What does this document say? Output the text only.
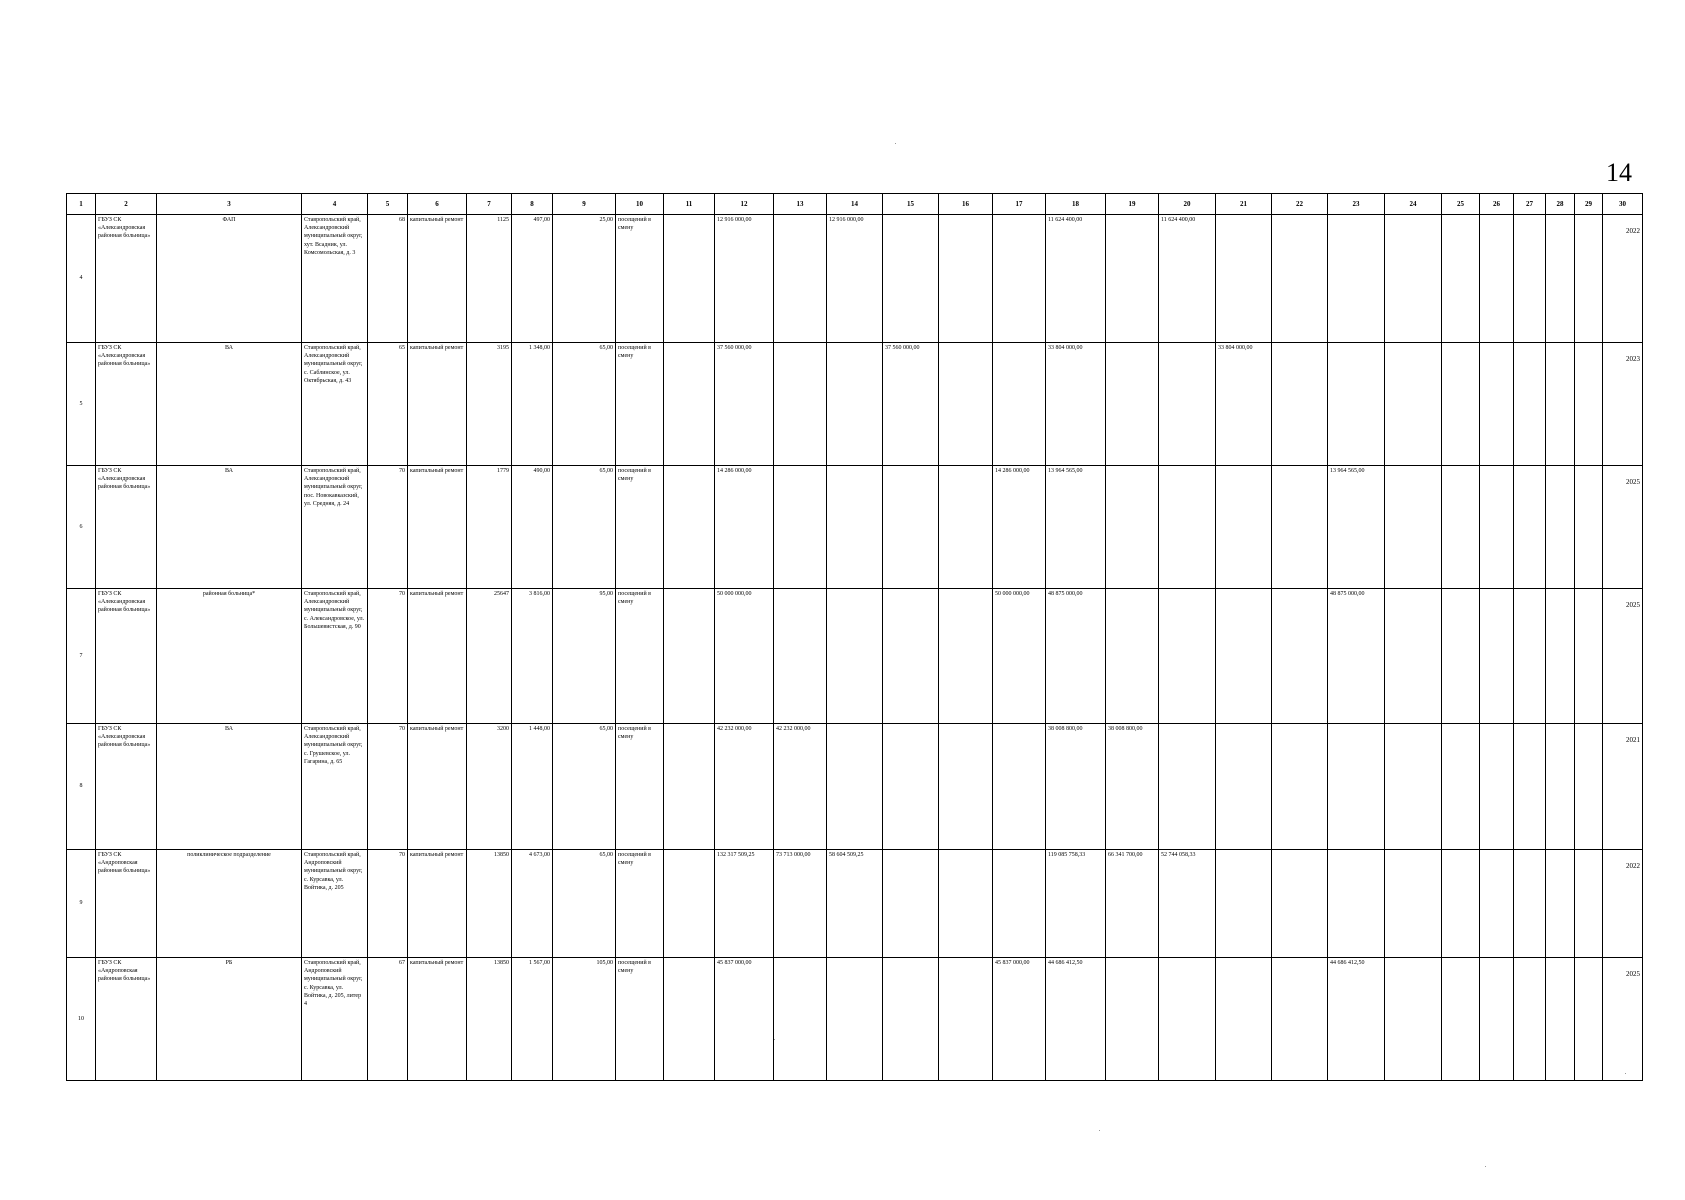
14
1	2	3	4	5	6	7	8	9	10	11	12	13	14	15	16	17	18	19	20	21	22	23	24	25	26	27	28	29	30
4	ГБУЗ СК «Александровская районная больница»	ФАП	Ставропольский край, Александровский муниципальный округ, хут. Всадник, ул. Комсомольская, д. 3	68	капитальный ремонт	1125	497,00	25,00	посещений в смену		12 916 000,00		12 916 000,00				11 624 400,00		11 624 400,00										2022
5	ГБУЗ СК «Александровская районная больница»	ВА	Ставропольский край, Александровский муниципальный округ, с. Саблинское, ул. Октябрьская, д. 43	65	капитальный ремонт	3195	1 348,00	65,00	посещений в смену		37 560 000,00			37 560 000,00			33 804 000,00			33 804 000,00									2023
6	ГБУЗ СК «Александровская районная больница»	ВА	Ставропольский край, Александровский муниципальный округ, пос. Новокавказский, ул. Средняя, д. 24	70	капитальный ремонт	1779	490,00	65,00	посещений в смену		14 286 000,00					14 286 000,00	13 964 565,00					13 964 565,00							2025
7	ГБУЗ СК «Александровская районная больница»	районная больница*	Ставропольский край, Александровский муниципальный округ, с. Александровское, ул. Большевистская, д. 90	70	капитальный ремонт	25647	3 816,00	95,00	посещений в смену		50 000 000,00					50 000 000,00	48 875 000,00					48 875 000,00							2025
8	ГБУЗ СК «Александровская районная больница»	ВА	Ставропольский край, Александровский муниципальный округ, с. Грушевское, ул. Гагарина, д. 65	70	капитальный ремонт	3200	1 448,00	65,00	посещений в смену		42 232 000,00	42 232 000,00					38 008 800,00	38 008 800,00											2021
9	ГБУЗ СК «Андроповская районная больница»	поликлиническое подразделение	Ставропольский край, Андроповский муниципальный округ, с. Курсавка, ул. Войтика, д. 205	70	капитальный ремонт	13850	4 673,00	65,00	посещений в смену		132 317 509,25	73 713 000,00	58 604 509,25				119 085 758,33	66 341 700,00	52 744 058,33										2022
10	ГБУЗ СК «Андроповская районная больница»	РБ	Ставропольский край, Андроповский муниципальный округ, с. Курсавка, ул. Войтика, д. 205, литер 4	67	капитальный ремонт	13850	1 567,00	105,00	посещений в смену		45 837 000,00					45 837 000,00	44 686 412,50					44 686 412,50							2025
